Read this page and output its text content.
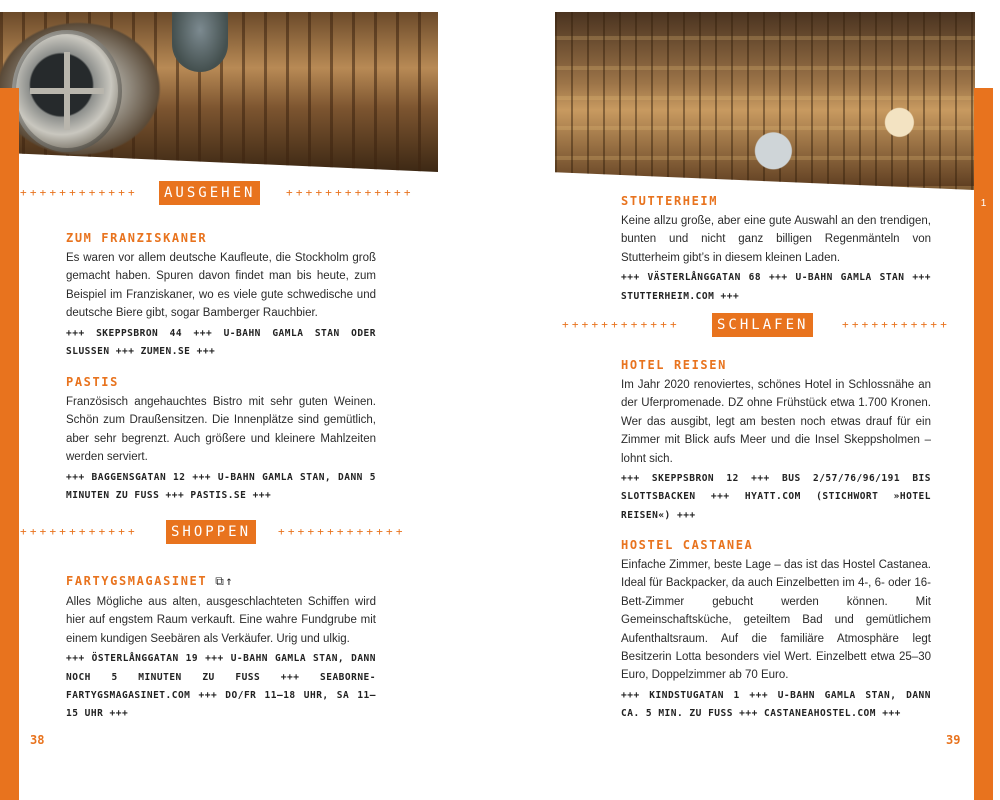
++++++++++++	AUSGEHEN	+++++++++++++
ZUM FRANZISKANER

Es waren vor allem deutsche Kaufleute, die Stockholm groß gemacht haben. Spuren davon findet man bis heute, zum Beispiel im Franziskaner, wo es viele gute schwedische und deutsche Biere gibt, sogar Bamberger Rauchbier.

+++ SKEPPSBRON 44 +++ U-BAHN GAMLA STAN ODER SLUSSEN +++ ZUMEN.SE +++

PASTIS

Französisch angehauchtes Bistro mit sehr guten Weinen. Schön zum Draußensitzen. Die Innenplätze sind gemütlich, aber sehr begrenzt. Auch größere und kleinere Mahlzeiten werden serviert.

+++ BAGGENSGATAN 12 +++ U-BAHN GAMLA STAN, DANN 5 MINUTEN ZU FUSS +++ PASTIS.SE +++

++++++++++++	SHOPPEN	+++++++++++++
FARTYGSMAGASINET ⧉↑

Alles Mögliche aus alten, ausgeschlachteten Schiffen wird hier auf engstem Raum verkauft. Eine wahre Fundgrube mit einem kundigen Seebären als Verkäufer. Urig und ulkig.

+++ ÖSTERLÅNGGATAN 19 +++ U-BAHN GAMLA STAN, DANN NOCH 5 MINUTEN ZU FUSS +++ SEABORNE-FARTYGSMAGASINET.COM +++ DO/FR 11–18 UHR, SA 11–15 UHR +++

38
1
STUTTERHEIM

Keine allzu große, aber eine gute Auswahl an den trendigen, bunten und nicht ganz billigen Regenmänteln von Stutterheim gibt’s in diesem kleinen Laden.

+++ VÄSTERLÅNGGATAN 68 +++ U-BAHN GAMLA STAN +++ STUTTERHEIM.COM +++

++++++++++++	SCHLAFEN	+++++++++++
HOTEL REISEN

Im Jahr 2020 renoviertes, schönes Hotel in Schlossnähe an der Uferpromenade. DZ ohne Frühstück etwa 1.700 Kronen. Wer das ausgibt, legt am besten noch etwas drauf für ein Zimmer mit Blick aufs Meer und die Insel Skeppsholmen – lohnt sich.

+++ SKEPPSBRON 12 +++ BUS 2/57/76/96/191 BIS SLOTTSBACKEN +++ HYATT.COM (STICHWORT »HOTEL REISEN«) +++

HOSTEL CASTANEA

Einfache Zimmer, beste Lage – das ist das Hostel Castanea. Ideal für Backpacker, da auch Einzelbetten im 4-, 6- oder 16-Bett-Zimmer gebucht werden können. Mit Gemeinschaftsküche, geteiltem Bad und gemütlichem Aufenthaltsraum. Auf die familiäre Atmosphäre legt Besitzerin Lotta besonders viel Wert. Einzelbett etwa 25–30 Euro, Doppelzimmer ab 70 Euro.

+++ KINDSTUGATAN 1 +++ U-BAHN GAMLA STAN, DANN CA. 5 MIN. ZU FUSS +++ CASTANEAHOSTEL.COM +++

39
